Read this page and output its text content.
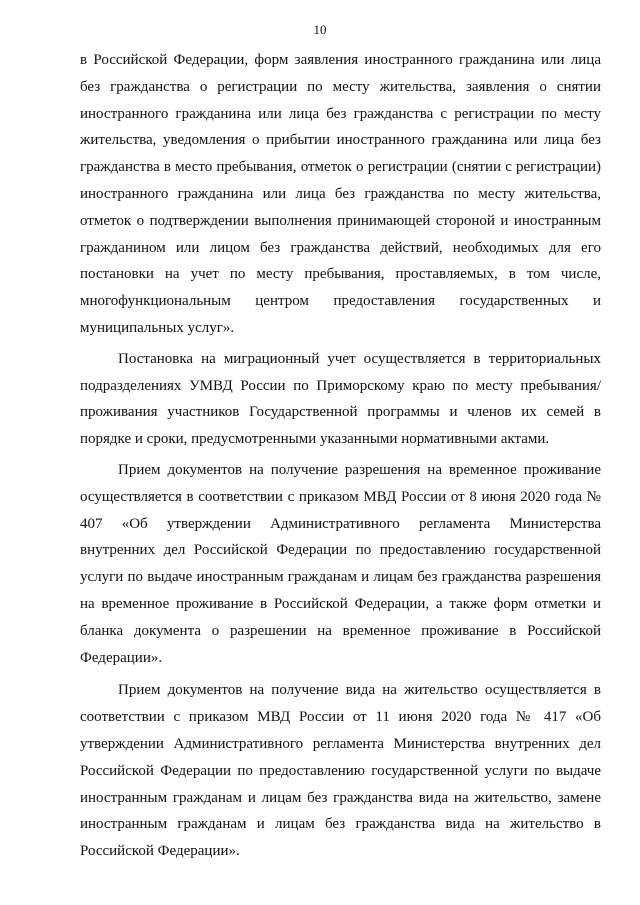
10

в Российской Федерации, форм заявления иностранного гражданина или лица без гражданства о регистрации по месту жительства, заявления о снятии иностранного гражданина или лица без гражданства с регистрации по месту жительства, уведомления о прибытии иностранного гражданина или лица без гражданства в место пребывания, отметок о регистрации (снятии с регистрации) иностранного гражданина или лица без гражданства по месту жительства, отметок о подтверждении выполнения принимающей стороной и иностранным гражданином или лицом без гражданства действий, необходимых для его постановки на учет по месту пребывания, проставляемых, в том числе, многофункциональным центром предоставления государственных и муниципальных услуг».

Постановка на миграционный учет осуществляется в территориальных подразделениях УМВД России по Приморскому краю по месту пребывания/проживания участников Государственной программы и членов их семей в порядке и сроки, предусмотренными указанными нормативными актами.

Прием документов на получение разрешения на временное проживание осуществляется в соответствии с приказом МВД России от 8 июня 2020 года № 407 «Об утверждении Административного регламента Министерства внутренних дел Российской Федерации по предоставлению государственной услуги по выдаче иностранным гражданам и лицам без гражданства разрешения на временное проживание в Российской Федерации, а также форм отметки и бланка документа о разрешении на временное проживание в Российской Федерации».

Прием документов на получение вида на жительство осуществляется в соответствии с приказом МВД России от 11 июня 2020 года № 417 «Об утверждении Административного регламента Министерства внутренних дел Российской Федерации по предоставлению государственной услуги по выдаче иностранным гражданам и лицам без гражданства вида на жительство, замене иностранным гражданам и лицам без гражданства вида на жительство в Российской Федерации».
